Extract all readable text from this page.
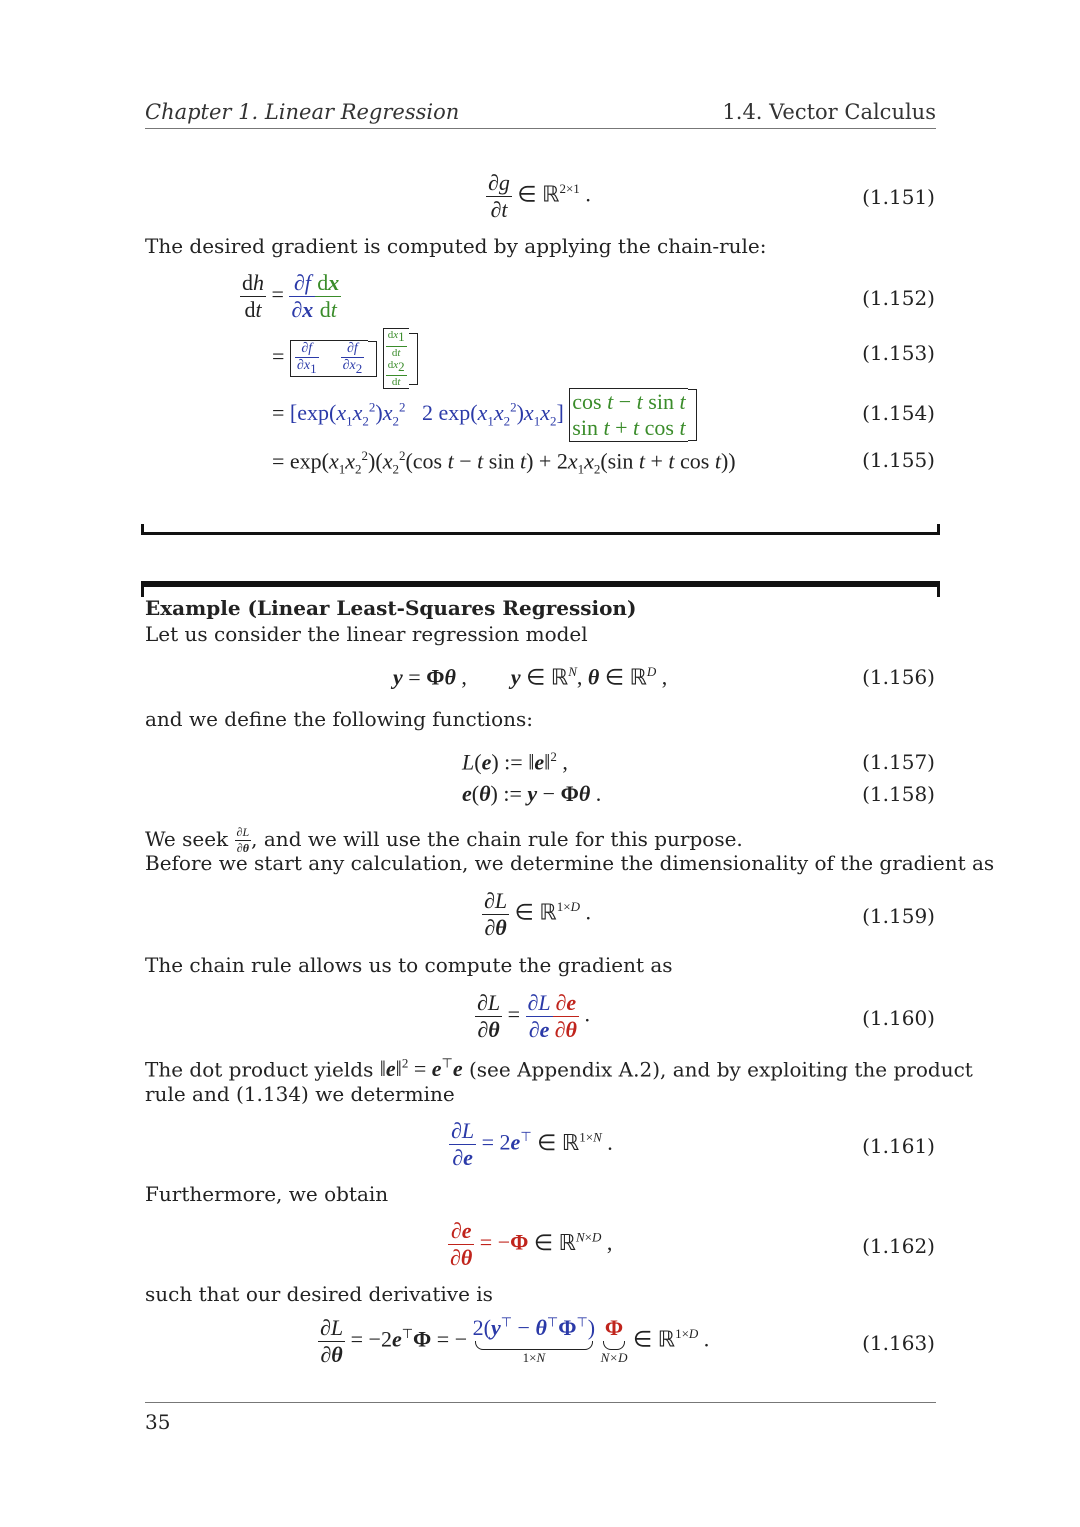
Chapter 1. Linear Regression	1.4. Vector Calculus
$\frac{\partial g}{\partial t}$ ∈ ℝ$^{2\times 1}$ .	(1.151)
The desired gradient is computed by applying the chain-rule:
$\frac{dh}{dt} = \frac{\partial f}{\partial x} \frac{dx}{dt}$	(1.152)
= $\frac{\partial f}{\partial x_1}$
$\frac{\partial f}{\partial x_2}$
$\frac{dx_1}{dt}$

$\frac{dx_2}{dt}$
(1.153)
= [$\exp(x_1x_2^2)x_2^2$   2 $\exp(x_1x_2^2)x_1x_2$] cos t − t sin t
sin t + t cos t
(1.154)
= $\exp(x_1x_2^2)(x_2^2(\cos$ t − t $\sin t) + 2x_1x_2(\sin$ t + t cos t))	(1.155)
Example (Linear Least-Squares Regression)
Let us consider the linear regression model
y = Φθ ,        y ∈ ℝ$^N$, θ ∈ ℝ$^D$ ,	(1.156)
and we define the following functions:
L(e) := ‖e‖$^2$ ,	(1.157)
e(θ) := y − Φθ .	(1.158)
We seek $\frac{\partial L}{\partial\theta}$ , and we will use the chain rule for this purpose.
Before we start any calculation, we determine the dimensionality of the gradient as
$\frac{\partial L}{\partial\theta}$ ∈ ℝ$^{1\times D}$ .	(1.159)
The chain rule allows us to compute the gradient as
$\frac{\partial L}{\partial\theta} = \frac{\partial L}{\partial e} \frac{\partial e}{\partial\theta}$ .	(1.160)
The dot product yields ‖e‖$^2$ = e⊤e (see Appendix A.2), and by exploiting the product
rule and (1.134) we determine
$\frac{\partial L}{\partial e} = 2e^⊤$ ∈ ℝ$^{1\times N}$ .	(1.161)
Furthermore, we obtain
$\frac{\partial e}{\partial\theta} = -\Phi$ ∈ ℝ$^{N\times D}$ ,	(1.162)
such that our desired derivative is
$\frac{\partial L}{\partial\theta} = -2e^⊤\Phi$ = − 2(y⊤ − θ⊤Φ⊤)
1×N
Φ
N×D
∈ ℝ$^{1\times D}$ .	(1.163)
35
